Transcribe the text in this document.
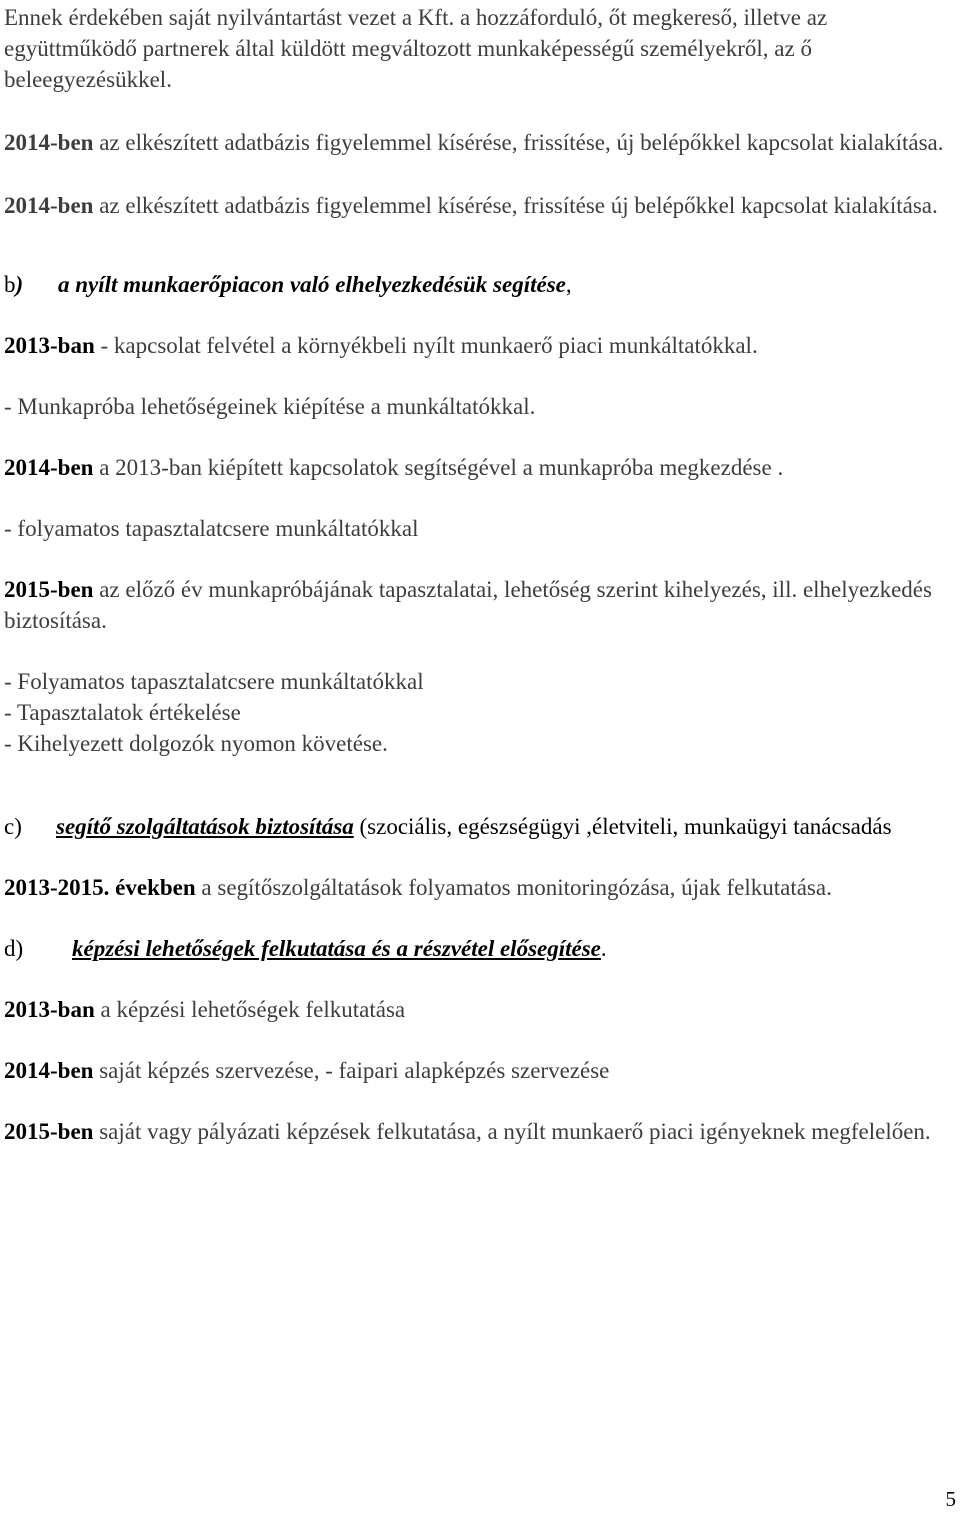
Ennek érdekében saját nyilvántartást vezet a Kft. a hozzáforduló, őt megkereső, illetve az együttműködő partnerek által küldött megváltozott munkaképességű személyekről, az ő beleegyezésükkel.

2014-ben az elkészített adatbázis figyelemmel kísérése, frissítése, új belépőkkel kapcsolat kialakítása.

2014-ben az elkészített adatbázis figyelemmel kísérése, frissítése új belépőkkel kapcsolat kialakítása.

b) a nyílt munkaerőpiacon való elhelyezkedésük segítése,

2013-ban - kapcsolat felvétel a környékbeli nyílt munkaerő piaci munkáltatókkal.

- Munkapróba lehetőségeinek kiépítése a munkáltatókkal.

2014-ben a 2013-ban kiépített kapcsolatok segítségével a munkapróba megkezdése .

- folyamatos tapasztalatcsere munkáltatókkal

2015-ben az előző év munkapróbájának tapasztalatai, lehetőség szerint kihelyezés, ill. elhelyezkedés biztosítása.

- Folyamatos tapasztalatcsere munkáltatókkal

- Tapasztalatok értékelése

- Kihelyezett dolgozók nyomon követése.

c) segítő szolgáltatások biztosítása (szociális, egészségügyi ,életviteli, munkaügyi tanácsadás

2013-2015. években a segítőszolgáltatások folyamatos monitoringózása, újak felkutatása.

d) képzési lehetőségek felkutatása és a részvétel elősegítése.

2013-ban a képzési lehetőségek felkutatása

2014-ben saját képzés szervezése, - faipari alapképzés szervezése

2015-ben saját vagy pályázati képzések felkutatása, a nyílt munkaerő piaci igényeknek megfelelően.

5
